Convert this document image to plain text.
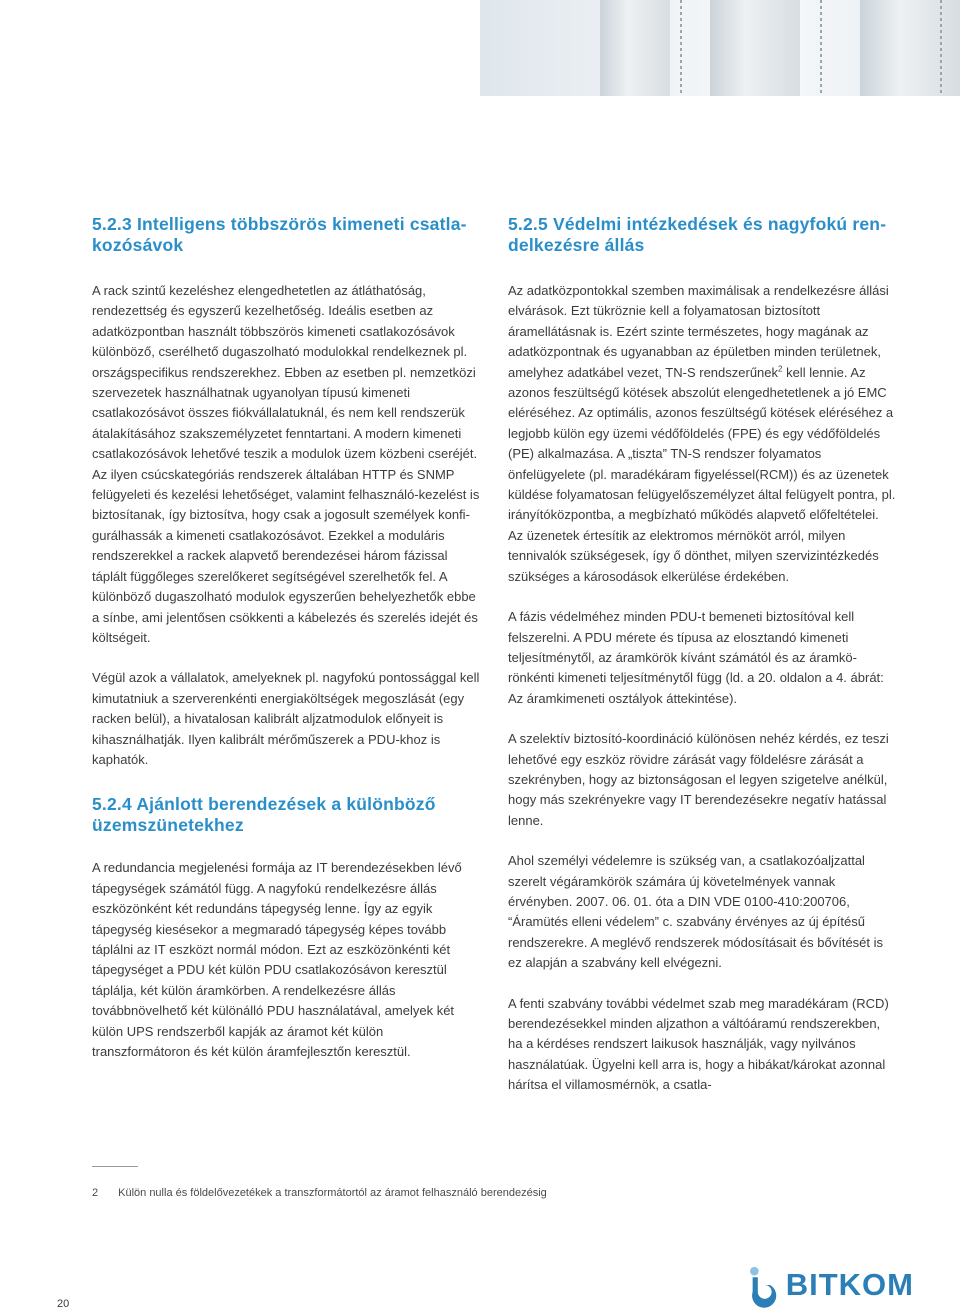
5.2.3 Intelligens többszörös kimeneti csatlakozósávok

A rack szintű kezeléshez elengedhetetlen az átláthatóság, rendezettség és egyszerű kezelhetőség. Ideális esetben az adatközpontban használt többszörös kimeneti csatlakozósávok különböző, cserélhető dugaszolható modulokkal rendelkeznek pl. országspecifikus rendszerekhez. Ebben az esetben pl. nemzetközi szervezetek használhatnak ugyanolyan típusú kimeneti csatlakozósávot összes fiókvállalatuknál, és nem kell rendszerük átalakításához szakszemélyzetet fenntartani. A modern kimeneti csatlakozósávok lehetővé teszik a modulok üzem közbeni cseréjét. Az ilyen csúcskategóriás rendszerek általában HTTP és SNMP felügyeleti és kezelési lehetőséget, valamint felhasználó-kezelést is biztosítanak, így biztosítva, hogy csak a jogosult személyek konfigurálhassák a kimeneti csatlakozósávot. Ezekkel a moduláris rendszerekkel a rackek alapvető berendezései három fázissal táplált függőleges szerelőkeret segítségével szerelhetők fel. A különböző dugaszolható modulok egyszerűen behelyezhetők ebbe a sínbe, ami jelentősen csökkenti a kábelezés és szerelés idejét és költségeit.

Végül azok a vállalatok, amelyeknek pl. nagyfokú pontossággal kell kimutatniuk a szerverenkénti energiaköltségek megoszlását (egy racken belül), a hivatalosan kalibrált aljzatmodulok előnyeit is kihasználhatják. Ilyen kalibrált mérőműszerek a PDU-khoz is kaphatók.

5.2.4 Ajánlott berendezések a különböző üzemszünetekhez

A redundancia megjelenési formája az IT berendezésekben lévő tápegységek számától függ. A nagyfokú rendelkezésre állás eszközönként két redundáns tápegység lenne. Így az egyik tápegység kiesésekor a megmaradó tápegység képes tovább táplálni az IT eszközt normál módon. Ezt az eszközönkénti két tápegységet a PDU két külön PDU csatlakozósávon keresztül táplálja, két külön áramkörben. A rendelkezésre állás továbbnövelhető két különálló PDU használatával, amelyek két külön UPS rendszerből kapják az áramot két külön transzformátoron és két külön áramfejlesztőn keresztül.

5.2.5 Védelmi intézkedések és nagyfokú rendelkezésre állás

Az adatközpontokkal szemben maximálisak a rendelkezésre állási elvárások. Ezt tükröznie kell a folyamatosan biztosított áramellátásnak is. Ezért szinte természetes, hogy magának az adatközpontnak és ugyanabban az épületben minden területnek, amelyhez adatkábel vezet, TN-S rendszerűnek$^2$ kell lennie. Az azonos feszültségű kötések abszolút elengedhetetlenek a jó EMC eléréséhez. Az optimális, azonos feszültségű kötések eléréséhez a legjobb külön egy üzemi védőföldelés (FPE) és egy védőföldelés (PE) alkalmazása. A „tiszta” TN-S rendszer folyamatos önfelügyelete (pl. maradékáram figyeléssel(RCM)) és az üzenetek küldése folyamatosan felügyelőszemélyzet által felügyelt pontra, pl. irányítóközpontba, a megbízható működés alapvető előfeltételei. Az üzenetek értesítik az elektromos mérnököt arról, milyen tennivalók szükségesek, így ő dönthet, milyen szervizintézkedés szükséges a károsodások elkerülése érdekében.

A fázis védelméhez minden PDU-t bemeneti biztosítóval kell felszerelni. A PDU mérete és típusa az elosztandó kimeneti teljesítménytől, az áramkörök kívánt számától és az áramkörönkénti kimeneti teljesítménytől függ (ld. a 20. oldalon a 4. ábrát: Az áramkimeneti osztályok áttekintése).

A szelektív biztosító-koordináció különösen nehéz kérdés, ez teszi lehetővé egy eszköz rövidre zárását vagy földelésre zárását a szekrényben, hogy az biztonságosan el legyen szigetelve anélkül, hogy más szekrényekre vagy IT berendezésekre negatív hatással lenne.

Ahol személyi védelemre is szükség van, a csatlakozóaljzattal szerelt végáramkörök számára új követelmények vannak érvényben. 2007. 06. 01. óta a DIN VDE 0100-410:200706, “Áramütés elleni védelem” c. szabvány érvényes az új építésű rendszerekre. A meglévő rendszerek módosításait és bővítését is ez alapján a szabvány kell elvégezni.

A fenti szabvány további védelmet szab meg maradékáram (RCD) berendezésekkel minden aljzathon a váltóáramú rendszerekben, ha a kérdéses rendszert laikusok használják, vagy nyilvános használatúak. Ügyelni kell arra is, hogy a hibákat/károkat azonnal hárítsa el villamosmérnök, a csatla-

2 Külön nulla és földelővezetékek a transzformátortól az áramot felhasználó berendezésig
20
BITKOM
